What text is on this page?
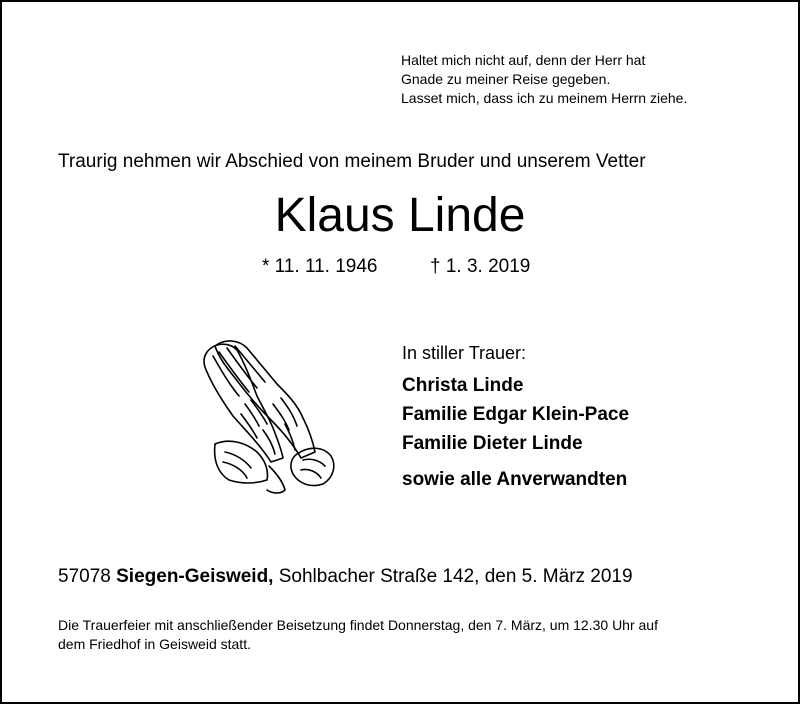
Haltet mich nicht auf, denn der Herr hat
Gnade zu meiner Reise gegeben.
Lasset mich, dass ich zu meinem Herrn ziehe.
Traurig nehmen wir Abschied von meinem Bruder und unserem Vetter
Klaus Linde
* 11. 11. 1946	† 1. 3. 2019
In stiller Trauer:
Christa Linde
Familie Edgar Klein-Pace
Familie Dieter Linde
sowie alle Anverwandten
57078 Siegen-Geisweid, Sohlbacher Straße 142, den 5. März 2019
Die Trauerfeier mit anschließender Beisetzung findet Donnerstag, den 7. März, um 12.30 Uhr auf
dem Friedhof in Geisweid statt.
